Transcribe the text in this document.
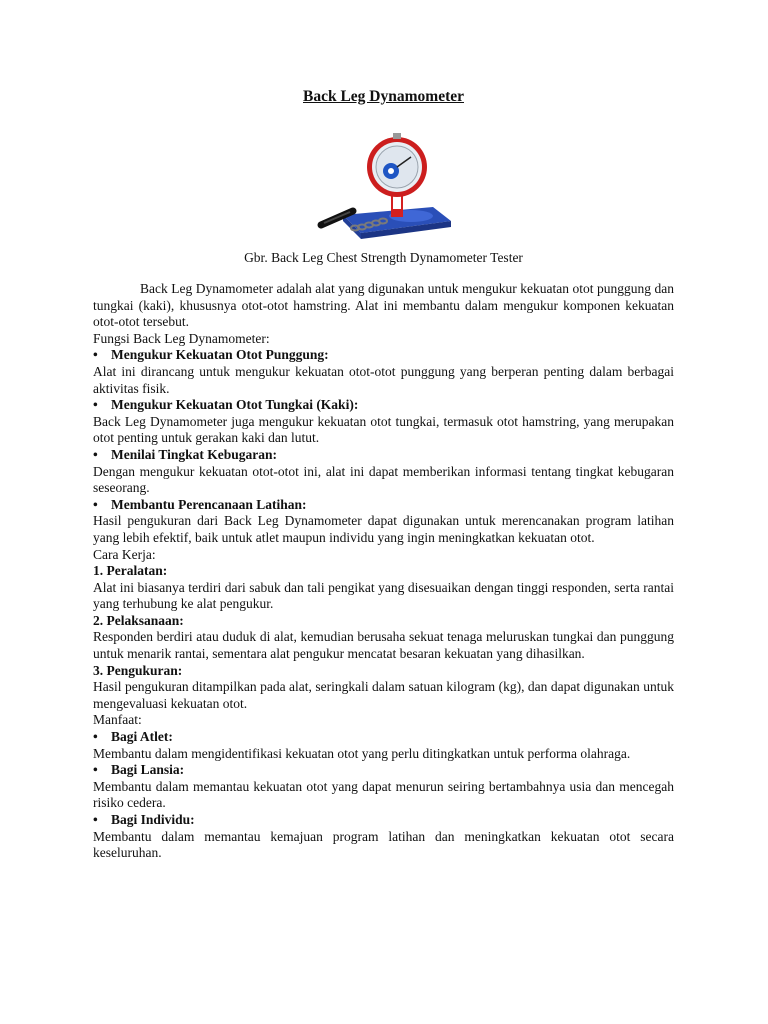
Back Leg Dynamometer

Gbr. Back Leg Chest Strength Dynamometer Tester

Back Leg Dynamometer adalah alat yang digunakan untuk mengukur kekuatan otot punggung dan tungkai (kaki), khususnya otot-otot hamstring. Alat ini membantu dalam mengukur komponen kekuatan otot-otot tersebut.

Fungsi Back Leg Dynamometer:

• Mengukur Kekuatan Otot Punggung:

Alat ini dirancang untuk mengukur kekuatan otot-otot punggung yang berperan penting dalam berbagai aktivitas fisik.

• Mengukur Kekuatan Otot Tungkai (Kaki):

Back Leg Dynamometer juga mengukur kekuatan otot tungkai, termasuk otot hamstring, yang merupakan otot penting untuk gerakan kaki dan lutut.

• Menilai Tingkat Kebugaran:

Dengan mengukur kekuatan otot-otot ini, alat ini dapat memberikan informasi tentang tingkat kebugaran seseorang.

• Membantu Perencanaan Latihan:

Hasil pengukuran dari Back Leg Dynamometer dapat digunakan untuk merencanakan program latihan yang lebih efektif, baik untuk atlet maupun individu yang ingin meningkatkan kekuatan otot.

Cara Kerja:

1. Peralatan:

Alat ini biasanya terdiri dari sabuk dan tali pengikat yang disesuaikan dengan tinggi responden, serta rantai yang terhubung ke alat pengukur.

2. Pelaksanaan:

Responden berdiri atau duduk di alat, kemudian berusaha sekuat tenaga meluruskan tungkai dan punggung untuk menarik rantai, sementara alat pengukur mencatat besaran kekuatan yang dihasilkan.

3. Pengukuran:

Hasil pengukuran ditampilkan pada alat, seringkali dalam satuan kilogram (kg), dan dapat digunakan untuk mengevaluasi kekuatan otot.

Manfaat:

• Bagi Atlet:

Membantu dalam mengidentifikasi kekuatan otot yang perlu ditingkatkan untuk performa olahraga.

• Bagi Lansia:

Membantu dalam memantau kekuatan otot yang dapat menurun seiring bertambahnya usia dan mencegah risiko cedera.

• Bagi Individu:

Membantu dalam memantau kemajuan program latihan dan meningkatkan kekuatan otot secara keseluruhan.
